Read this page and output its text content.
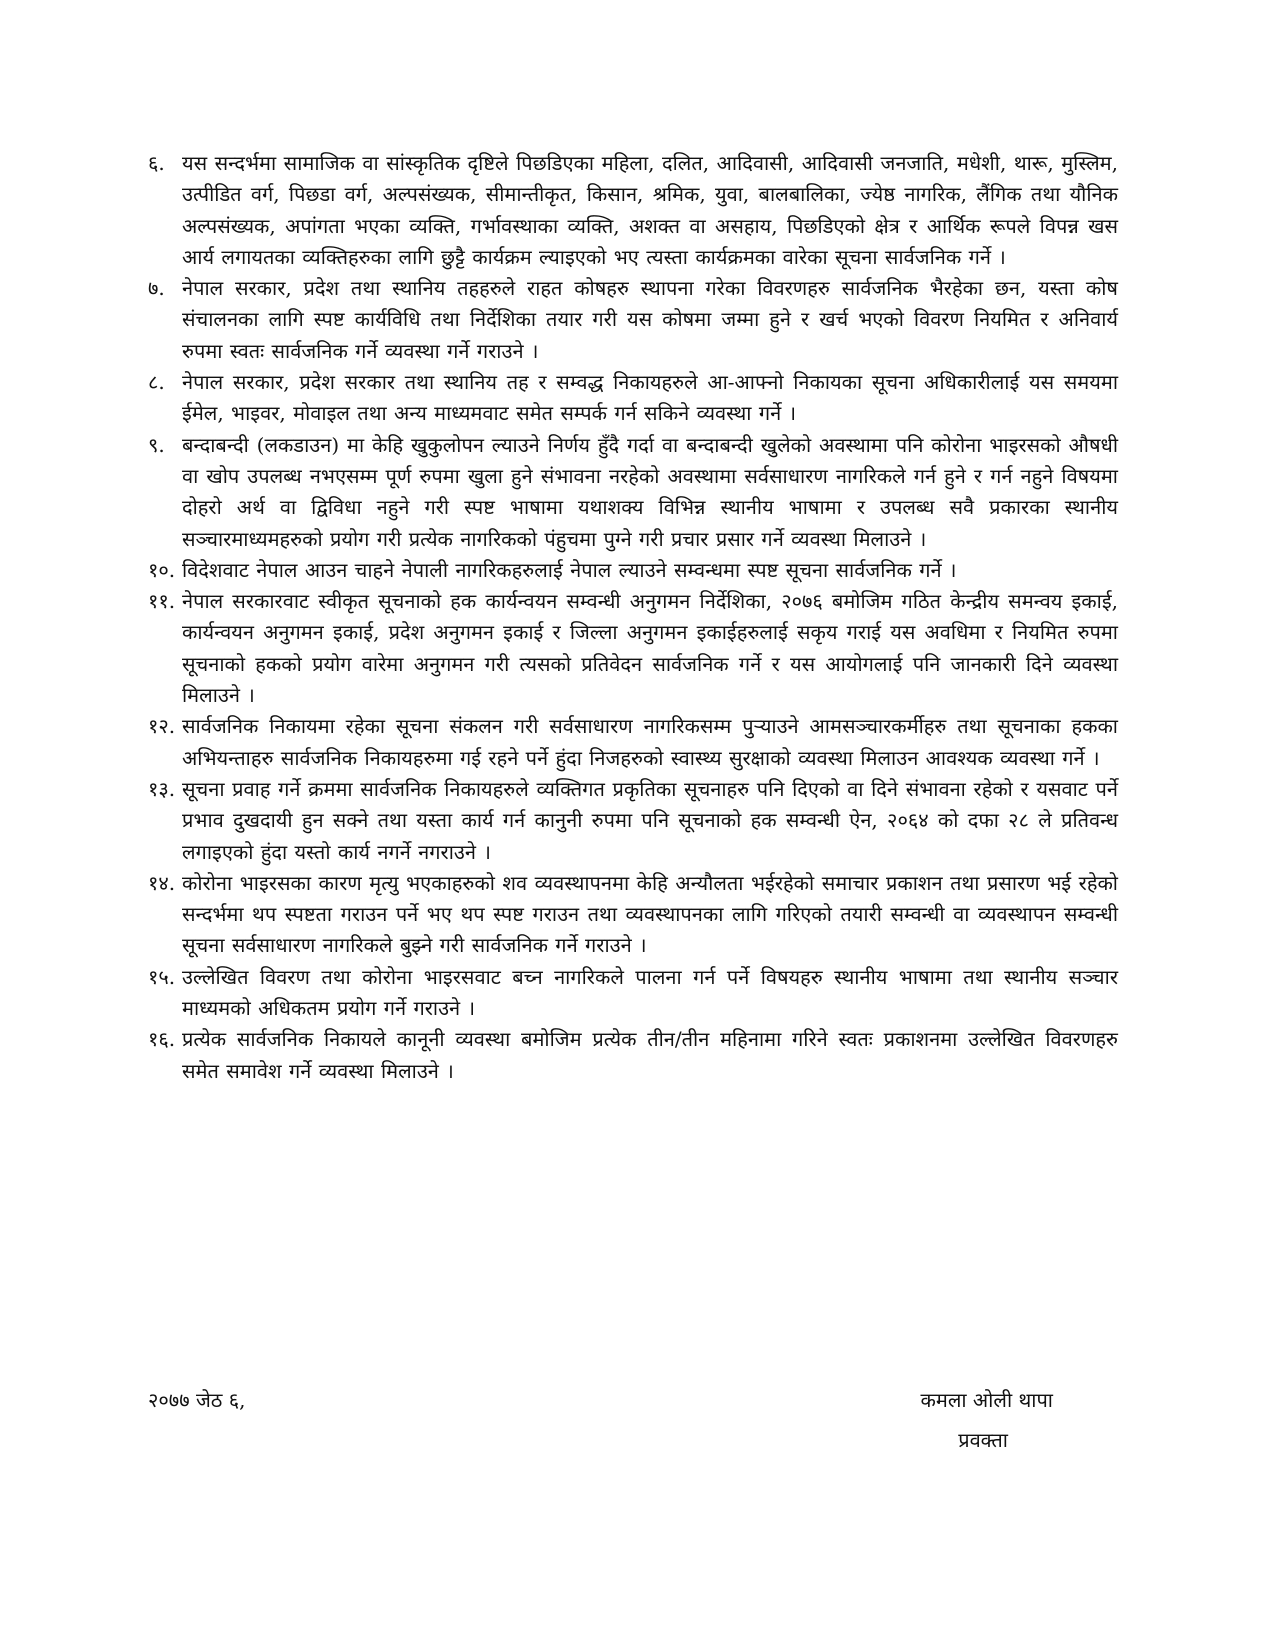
६. यस सन्दर्भमा सामाजिक वा सांस्कृतिक दृष्टिले पिछडिएका महिला, दलित, आदिवासी, आदिवासी जनजाति, मधेशी, थारू, मुस्लिम, उत्पीडित वर्ग, पिछडा वर्ग, अल्पसंख्यक, सीमान्तीकृत, किसान, श्रमिक, युवा, बालबालिका, ज्येष्ठ नागरिक, लैंगिक तथा यौनिक अल्पसंख्यक, अपांगता भएका व्यक्ति, गर्भावस्थाका व्यक्ति, अशक्त वा असहाय, पिछडिएको क्षेत्र र आर्थिक रूपले विपन्न खस आर्य लगायतका व्यक्तिहरुका लागि छुट्टै कार्यक्रम ल्याइएको भए त्यस्ता कार्यक्रमका वारेका सूचना सार्वजनिक गर्ने ।
७. नेपाल सरकार, प्रदेश तथा स्थानिय तहहरुले राहत कोषहरु स्थापना गरेका विवरणहरु सार्वजनिक भैरहेका छन, यस्ता कोष संचालनका लागि स्पष्ट कार्यविधि तथा निर्देशिका तयार गरी यस कोषमा जम्मा हुने र खर्च भएको विवरण नियमित र अनिवार्य रुपमा स्वतः सार्वजनिक गर्ने व्यवस्था गर्ने गराउने ।
८. नेपाल सरकार, प्रदेश सरकार तथा स्थानिय तह र सम्वद्ध निकायहरुले आ-आफ्नो निकायका सूचना अधिकारीलाई यस समयमा ईमेल, भाइवर, मोवाइल तथा अन्य माध्यमवाट समेत सम्पर्क गर्न सकिने व्यवस्था गर्ने ।
९. बन्दाबन्दी (लकडाउन) मा केहि खुकुलोपन ल्याउने निर्णय हुँदै गर्दा वा बन्दाबन्दी खुलेको अवस्थामा पनि कोरोना भाइरसको औषधी वा खोप उपलब्ध नभएसम्म पूर्ण रुपमा खुला हुने संभावना नरहेको अवस्थामा सर्वसाधारण नागरिकले गर्न हुने र गर्न नहुने विषयमा दोहरो अर्थ वा द्विविधा नहुने गरी स्पष्ट भाषामा यथाशक्य विभिन्न स्थानीय भाषामा र उपलब्ध सवै प्रकारका स्थानीय सञ्चारमाध्यमहरुको प्रयोग गरी प्रत्येक नागरिकको पंहुचमा पुग्ने गरी प्रचार प्रसार गर्ने व्यवस्था मिलाउने ।
१०. विदेशवाट नेपाल आउन चाहने नेपाली नागरिकहरुलाई नेपाल ल्याउने सम्वन्धमा स्पष्ट सूचना सार्वजनिक गर्ने ।
११. नेपाल सरकारवाट स्वीकृत सूचनाको हक कार्यन्वयन सम्वन्धी अनुगमन निर्देशिका, २०७६ बमोजिम गठित केन्द्रीय समन्वय इकाई, कार्यन्वयन अनुगमन इकाई, प्रदेश अनुगमन इकाई र जिल्ला अनुगमन इकाईहरुलाई सकृय गराई यस अवधिमा र नियमित रुपमा सूचनाको हकको प्रयोग वारेमा अनुगमन गरी त्यसको प्रतिवेदन सार्वजनिक गर्ने र यस आयोगलाई पनि जानकारी दिने व्यवस्था मिलाउने ।
१२. सार्वजनिक निकायमा रहेका सूचना संकलन गरी सर्वसाधारण नागरिकसम्म पुऱ्याउने आमसञ्चारकर्मीहरु तथा सूचनाका हकका अभियन्ताहरु सार्वजनिक निकायहरुमा गई रहने पर्ने हुंदा निजहरुको स्वास्थ्य सुरक्षाको व्यवस्था मिलाउन आवश्यक व्यवस्था गर्ने ।
१३. सूचना प्रवाह गर्ने क्रममा सार्वजनिक निकायहरुले व्यक्तिगत प्रकृतिका सूचनाहरु पनि दिएको वा दिने संभावना रहेको र यसवाट पर्ने प्रभाव दुखदायी हुन सक्ने तथा यस्ता कार्य गर्न कानुनी रुपमा पनि सूचनाको हक सम्वन्धी ऐन, २०६४ को दफा २८ ले प्रतिवन्ध लगाइएको हुंदा यस्तो कार्य नगर्ने नगराउने ।
१४. कोरोना भाइरसका कारण मृत्यु भएकाहरुको शव व्यवस्थापनमा केहि अन्यौलता भईरहेको समाचार प्रकाशन तथा प्रसारण भई रहेको सन्दर्भमा थप स्पष्टता गराउन पर्ने भए थप स्पष्ट गराउन तथा व्यवस्थापनका लागि गरिएको तयारी सम्वन्धी वा व्यवस्थापन सम्वन्धी सूचना सर्वसाधारण नागरिकले बुझ्ने गरी सार्वजनिक गर्ने गराउने ।
१५. उल्लेखित विवरण तथा कोरोना भाइरसवाट बच्न नागरिकले पालना गर्न पर्ने विषयहरु स्थानीय भाषामा तथा स्थानीय सञ्चार माध्यमको अधिकतम प्रयोग गर्ने गराउने ।
१६. प्रत्येक सार्वजनिक निकायले कानूनी व्यवस्था बमोजिम प्रत्येक तीन/तीन महिनामा गरिने स्वतः प्रकाशनमा उल्लेखित विवरणहरु समेत समावेश गर्ने व्यवस्था मिलाउने ।
२०७७ जेठ ६,	कमला ओली थापा
प्रवक्ता
